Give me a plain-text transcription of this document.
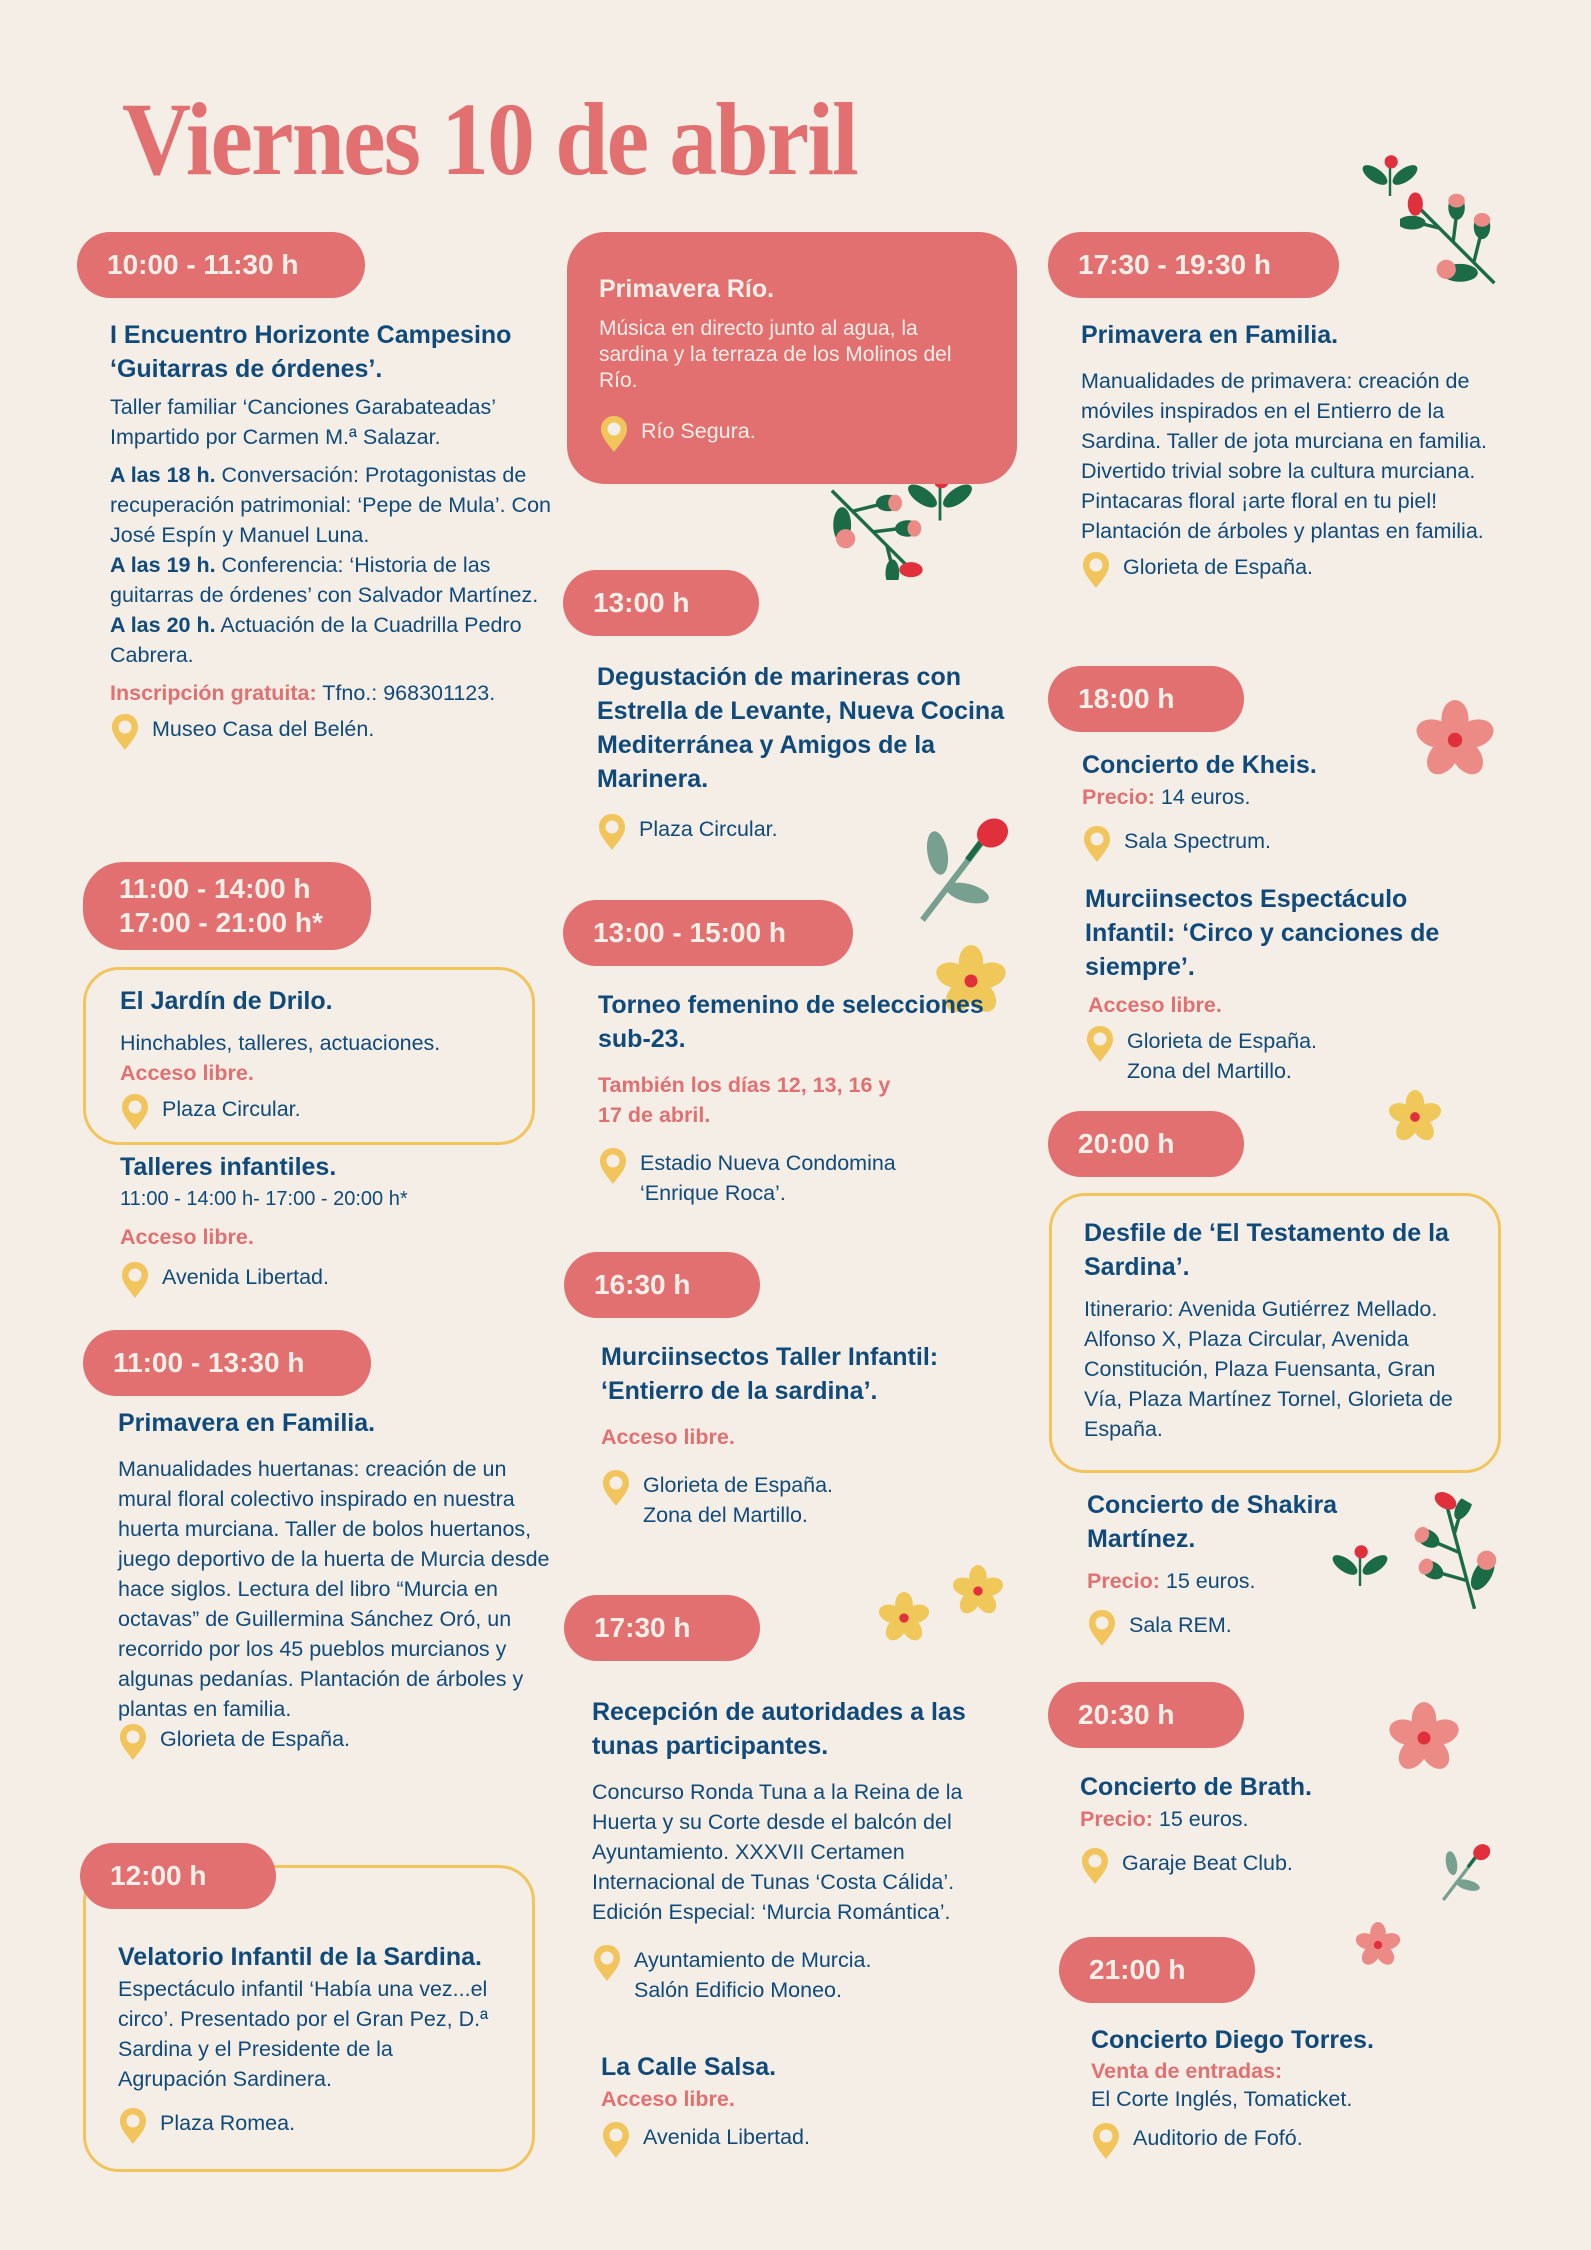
Viernes 10 de abril
10:00 - 11:30 h
I Encuentro Horizonte Campesino ‘Guitarras de órdenes’.
Taller familiar ‘Canciones Garabateadas’ Impartido por Carmen M.ª Salazar.
A las 18 h. Conversación: Protagonistas de recuperación patrimonial: ‘Pepe de Mula’. Con José Espín y Manuel Luna.
A las 19 h. Conferencia: ‘Historia de las guitarras de órdenes’ con Salvador Martínez.
A las 20 h. Actuación de la Cuadrilla Pedro Cabrera.
Inscripción gratuita: Tfno.: 968301123.
Museo Casa del Belén.
11:00 - 14:00 h
17:00 - 21:00 h*
El Jardín de Drilo.
Hinchables, talleres, actuaciones.
Acceso libre.
Plaza Circular.
Talleres infantiles.
11:00 - 14:00 h- 17:00 - 20:00 h*
Acceso libre.
Avenida Libertad.
11:00 - 13:30 h
Primavera en Familia.
Manualidades huertanas: creación de un mural floral colectivo inspirado en nuestra huerta murciana. Taller de bolos huertanos, juego deportivo de la huerta de Murcia desde hace siglos. Lectura del libro “Murcia en octavas” de Guillermina Sánchez Oró, un recorrido por los 45 pueblos murcianos y algunas pedanías. Plantación de árboles y plantas en familia.
Glorieta de España.
Velatorio Infantil de la Sardina.
Espectáculo infantil ‘Había una vez...el circo’. Presentado por el Gran Pez, D.ª Sardina y el Presidente de la Agrupación Sardinera.
Plaza Romea.
12:00 h
Primavera Río.
Música en directo junto al agua, la sardina y la terraza de los Molinos del Río.
Río Segura.
13:00 h
Degustación de marineras con Estrella de Levante, Nueva Cocina Mediterránea y Amigos de la Marinera.
Plaza Circular.
13:00 - 15:00 h
Torneo femenino de selecciones sub-23.
También los días 12, 13, 16 y 17 de abril.
Estadio Nueva Condomina
‘Enrique Roca’.
16:30 h
Murciinsectos Taller Infantil: ‘Entierro de la sardina’.
Acceso libre.
Glorieta de España.
Zona del Martillo.
17:30 h
Recepción de autoridades a las tunas participantes.
Concurso Ronda Tuna a la Reina de la Huerta y su Corte desde el balcón del Ayuntamiento. XXXVII Certamen Internacional de Tunas ‘Costa Cálida’. Edición Especial: ‘Murcia Romántica’.
Ayuntamiento de Murcia.
Salón Edificio Moneo.
La Calle Salsa.
Acceso libre.
Avenida Libertad.
17:30 - 19:30 h
Primavera en Familia.
Manualidades de primavera: creación de móviles inspirados en el Entierro de la Sardina. Taller de jota murciana en familia. Divertido trivial sobre la cultura murciana. Pintacaras floral ¡arte floral en tu piel! Plantación de árboles y plantas en familia.
Glorieta de España.
18:00 h
Concierto de Kheis.
Precio: 14 euros.
Sala Spectrum.
Murciinsectos Espectáculo Infantil: ‘Circo y canciones de siempre’.
Acceso libre.
Glorieta de España.
Zona del Martillo.
20:00 h
Desfile de ‘El Testamento de la Sardina’.
Itinerario: Avenida Gutiérrez Mellado. Alfonso X, Plaza Circular, Avenida Constitución, Plaza Fuensanta, Gran Vía, Plaza Martínez Tornel, Glorieta de España.
Concierto de Shakira Martínez.
Precio: 15 euros.
Sala REM.
20:30 h
Concierto de Brath.
Precio: 15 euros.
Garaje Beat Club.
21:00 h
Concierto Diego Torres.
Venta de entradas:
El Corte Inglés, Tomaticket.
Auditorio de Fofó.
